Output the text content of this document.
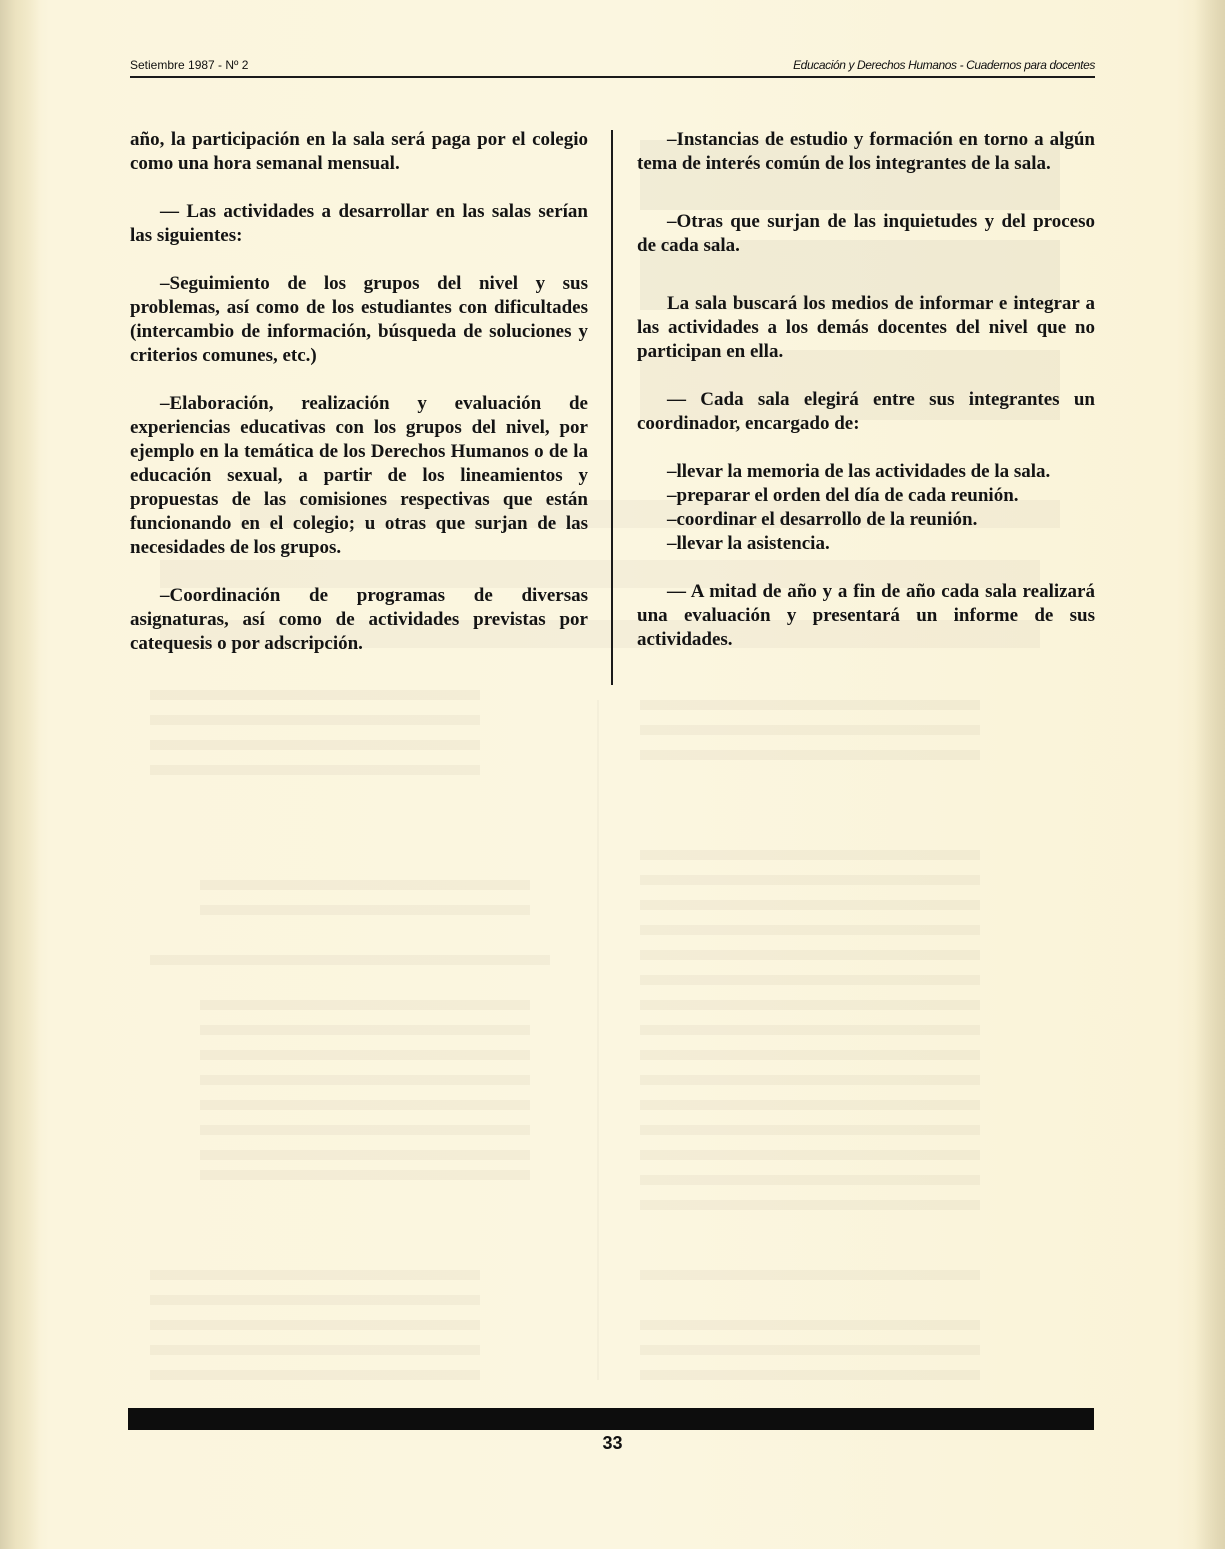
Setiembre 1987 - Nº 2	Educación y Derechos Humanos - Cuadernos para docentes

año, la participación en la sala será paga por el colegio como una hora semanal mensual.

— Las actividades a desarrollar en las salas serían las siguientes:

–Seguimiento de los grupos del nivel y sus problemas, así como de los estudiantes con dificultades (intercambio de información, búsqueda de soluciones y criterios comunes, etc.)

–Elaboración, realización y evaluación de experiencias educativas con los grupos del nivel, por ejemplo en la temática de los Derechos Humanos o de la educación sexual, a partir de los lineamientos y propuestas de las comisiones respectivas que están funcionando en el colegio; u otras que surjan de las necesidades de los grupos.

–Coordinación de programas de diversas asignaturas, así como de actividades previstas por catequesis o por adscripción.

–Instancias de estudio y formación en torno a algún tema de interés común de los integrantes de la sala.

–Otras que surjan de las inquietudes y del proceso de cada sala.

La sala buscará los medios de informar e integrar a las actividades a los demás docentes del nivel que no participan en ella.

— Cada sala elegirá entre sus integrantes un coordinador, encargado de:

–llevar la memoria de las actividades de la sala.
–preparar el orden del día de cada reunión.
–coordinar el desarrollo de la reunión.
–llevar la asistencia.

— A mitad de año y a fin de año cada sala realizará una evaluación y presentará un informe de sus actividades.

33
